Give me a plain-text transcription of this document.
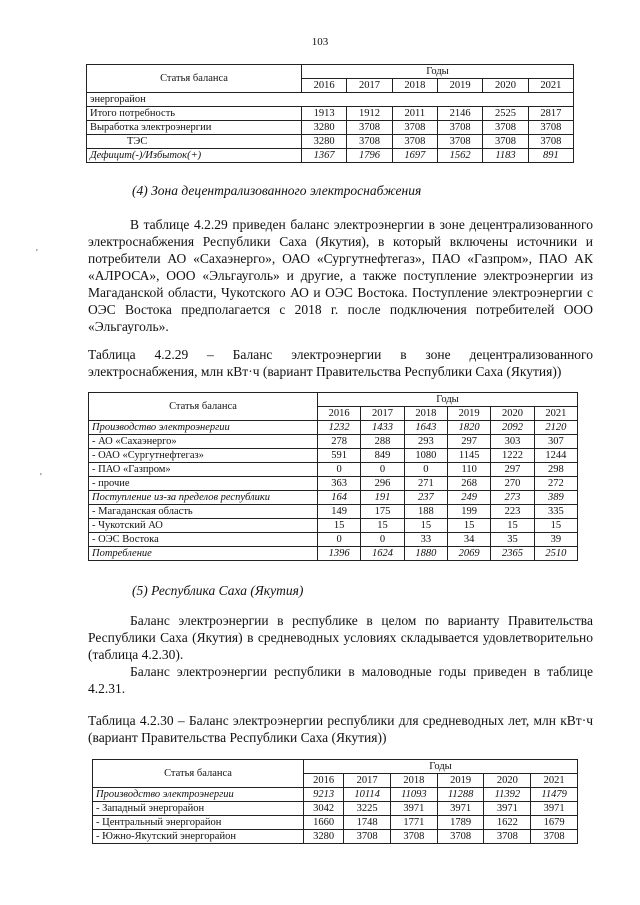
103
'
'
Статья баланса	Годы					
	2016	2017	2018	2019	2020	2021
энергорайон						
Итого потребность	1913	1912	2011	2146	2525	2817
Выработка электроэнергии	3280	3708	3708	3708	3708	3708
ТЭС	3280	3708	3708	3708	3708	3708
Дефицит(-)/Избыток(+)	1367	1796	1697	1562	1183	891
(4) Зона децентрализованного электроснабжения

В таблице 4.2.29 приведен баланс электроэнергии в зоне децентрализованного электроснабжения Республики Саха (Якутия), в который включены источники и потребители АО «Сахаэнерго», ОАО «Сургутнефтегаз», ПАО «Газпром», ПАО АК «АЛРОСА», ООО «Эльгауголь» и другие, а также поступление электроэнергии из Магаданской области, Чукотского АО и ОЭС Востока. Поступление электроэнергии с ОЭС Востока предполагается с 2018 г. после подключения потребителей ООО «Эльгауголь».

Таблица 4.2.29 – Баланс электроэнергии в зоне децентрализованного электроснабжения, млн кВт·ч (вариант Правительства Республики Саха (Якутия))

Статья баланса	Годы					
	2016	2017	2018	2019	2020	2021
Производство электроэнергии	1232	1433	1643	1820	2092	2120
- АО «Сахаэнерго»	278	288	293	297	303	307
- ОАО «Сургутнефтегаз»	591	849	1080	1145	1222	1244
- ПАО «Газпром»	0	0	0	110	297	298
- прочие	363	296	271	268	270	272
Поступление из-за пределов республики	164	191	237	249	273	389
- Магаданская область	149	175	188	199	223	335
- Чукотский АО	15	15	15	15	15	15
- ОЭС Востока	0	0	33	34	35	39
Потребление	1396	1624	1880	2069	2365	2510
(5) Республика Саха (Якутия)

Баланс электроэнергии в республике в целом по варианту Правительства Республики Саха (Якутия) в средневодных условиях складывается удовлетворительно (таблица 4.2.30).

Баланс электроэнергии республики в маловодные годы приведен в таблице 4.2.31.

Таблица 4.2.30 – Баланс электроэнергии республики для средневодных лет, млн кВт·ч (вариант Правительства Республики Саха (Якутия))

Статья баланса	Годы					
	2016	2017	2018	2019	2020	2021
Производство электроэнергии	9213	10114	11093	11288	11392	11479
- Западный энергорайон	3042	3225	3971	3971	3971	3971
- Центральный энергорайон	1660	1748	1771	1789	1622	1679
- Южно-Якутский энергорайон	3280	3708	3708	3708	3708	3708
